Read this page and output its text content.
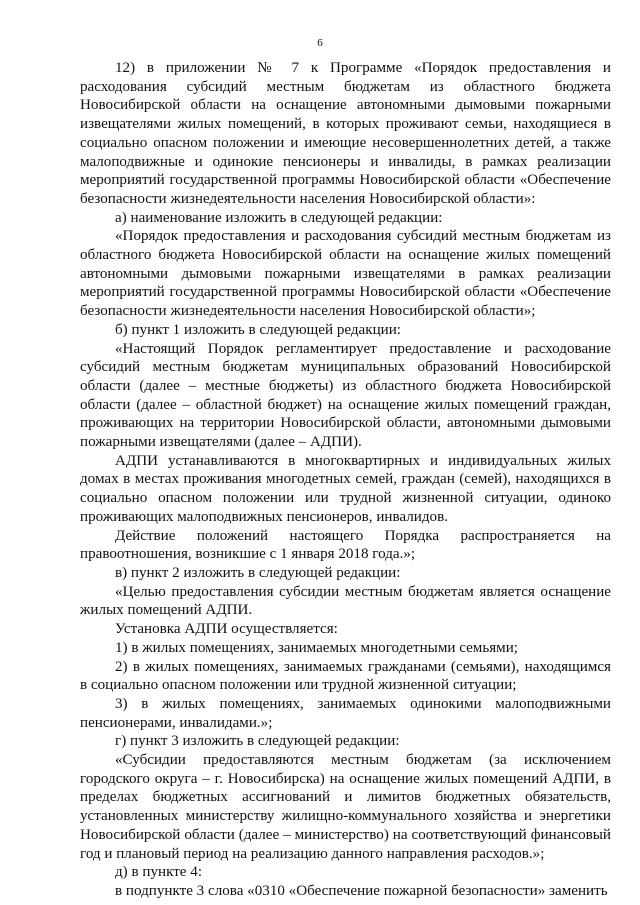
6

12) в приложении № 7 к Программе «Порядок предоставления и расходования субсидий местным бюджетам из областного бюджета Новосибирской области на оснащение автономными дымовыми пожарными извещателями жилых помещений, в которых проживают семьи, находящиеся в социально опасном положении и имеющие несовершеннолетних детей, а также малоподвижные и одинокие пенсионеры и инвалиды, в рамках реализации мероприятий государственной программы Новосибирской области «Обеспечение безопасности жизнедеятельности населения Новосибирской области»:

а) наименование изложить в следующей редакции:

«Порядок предоставления и расходования субсидий местным бюджетам из областного бюджета Новосибирской области на оснащение жилых помещений автономными дымовыми пожарными извещателями в рамках реализации мероприятий государственной программы Новосибирской области «Обеспечение безопасности жизнедеятельности населения Новосибирской области»;

б) пункт 1 изложить в следующей редакции:

«Настоящий Порядок регламентирует предоставление и расходование субсидий местным бюджетам муниципальных образований Новосибирской области (далее – местные бюджеты) из областного бюджета Новосибирской области (далее – областной бюджет) на оснащение жилых помещений граждан, проживающих на территории Новосибирской области, автономными дымовыми пожарными извещателями (далее – АДПИ).

АДПИ устанавливаются в многоквартирных и индивидуальных жилых домах в местах проживания многодетных семей, граждан (семей), находящихся в социально опасном положении или трудной жизненной ситуации, одиноко проживающих малоподвижных пенсионеров, инвалидов.

Действие положений настоящего Порядка распространяется на правоотношения, возникшие с 1 января 2018 года.»;

в) пункт 2 изложить в следующей редакции:

«Целью предоставления субсидии местным бюджетам является оснащение жилых помещений АДПИ.

Установка АДПИ осуществляется:

1) в жилых помещениях, занимаемых многодетными семьями;

2) в жилых помещениях, занимаемых гражданами (семьями), находящимся в социально опасном положении или трудной жизненной ситуации;

3) в жилых помещениях, занимаемых одинокими малоподвижными пенсионерами, инвалидами.»;

г) пункт 3 изложить в следующей редакции:

«Субсидии предоставляются местным бюджетам (за исключением городского округа – г. Новосибирска) на оснащение жилых помещений АДПИ, в пределах бюджетных ассигнований и лимитов бюджетных обязательств, установленных министерству жилищно-коммунального хозяйства и энергетики Новосибирской области (далее – министерство) на соответствующий финансовый год и плановый период на реализацию данного направления расходов.»;

д) в пункте 4:

в подпункте 3 слова «0310 «Обеспечение пожарной безопасности» заменить
